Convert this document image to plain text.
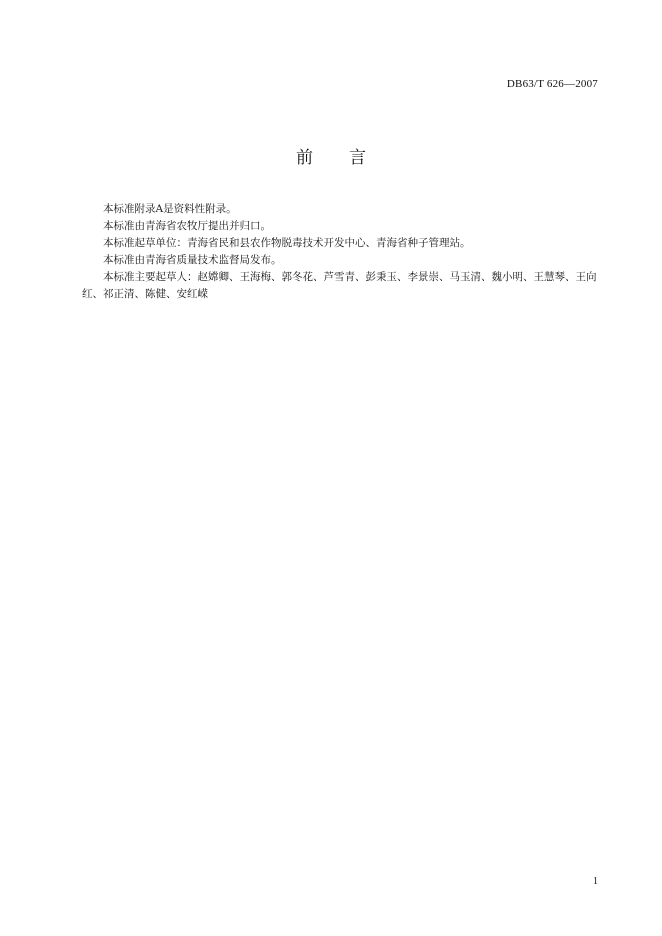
DB63/T 626—2007
前言

本标准附录A是资料性附录。

本标准由青海省农牧厅提出并归口。

本标准起草单位：青海省民和县农作物脱毒技术开发中心、青海省种子管理站。

本标准由青海省质量技术监督局发布。

本标准主要起草人：赵嫦卿、王海梅、郭冬花、芦雪青、彭秉玉、李景崇、马玉清、魏小明、王慧琴、王向红、祁正清、陈健、安红嵘

1
